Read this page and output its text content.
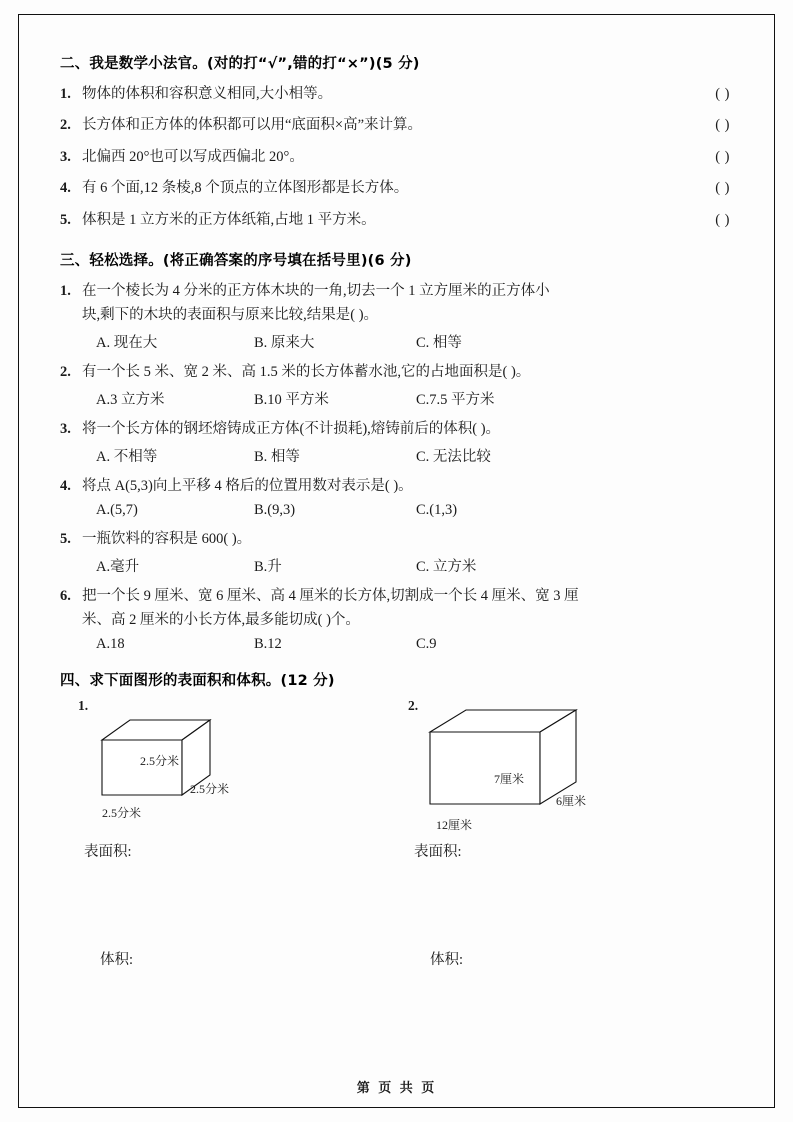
二、我是数学小法官。(对的打“√”,错的打“×”)(5 分)
1. 物体的体积和容积意义相同,大小相等。	( )
2. 长方体和正方体的体积都可以用“底面积×高”来计算。	( )
3. 北偏西 20°也可以写成西偏北 20°。	( )
4. 有 6 个面,12 条棱,8 个顶点的立体图形都是长方体。	( )
5. 体积是 1 立方米的正方体纸箱,占地 1 平方米。	( )
三、轻松选择。(将正确答案的序号填在括号里)(6 分)
1. 在一个棱长为 4 分米的正方体木块的一角,切去一个 1 立方厘米的正方体小
块,剩下的木块的表面积与原来比较,结果是( )。
A. 现在大	B. 原来大	C. 相等
2. 有一个长 5 米、宽 2 米、高 1.5 米的长方体蓄水池,它的占地面积是( )。
A.3 立方米	B.10 平方米	C.7.5 平方米
3. 将一个长方体的钢坯熔铸成正方体(不计损耗),熔铸前后的体积( )。
A. 不相等	B. 相等	C. 无法比较
4. 将点 A(5,3)向上平移 4 格后的位置用数对表示是( )。
A.(5,7)	B.(9,3)	C.(1,3)
5. 一瓶饮料的容积是 600( )。
A.毫升	B.升	C. 立方米
6. 把一个长 9 厘米、宽 6 厘米、高 4 厘米的长方体,切割成一个长 4 厘米、宽 3 厘
米、高 2 厘米的小长方体,最多能切成( )个。
A.18	B.12	C.9
四、求下面图形的表面积和体积。(12 分)
1.
2.5分米
2.5分米
2.5分米
表面积:
体积:
2.
7厘米
6厘米
12厘米
表面积:
体积:
第 页 共 页
